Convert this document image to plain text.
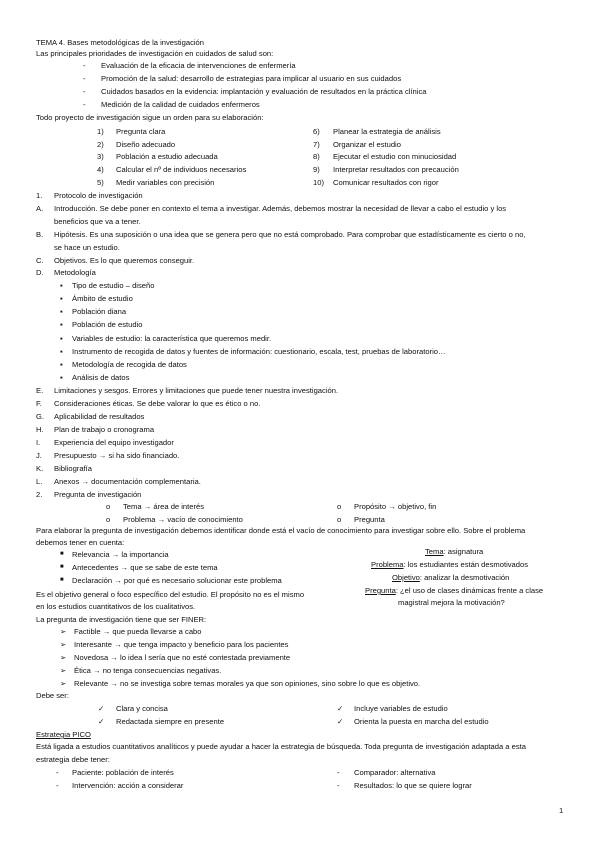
TEMA 4. Bases metodológicas de la investigación
Las principales prioridades de investigación en cuidados de salud son:
- Evaluación de la eficacia de intervenciones de enfermería
- Promoción de la salud: desarrollo de estrategias para implicar al usuario en sus cuidados
- Cuidados basados en la evidencia: implantación y evaluación de resultados en la práctica clínica
- Medición de la calidad de cuidados enfermeros
Todo proyecto de investigación sigue un orden para su elaboración:
1) Pregunta clara
2) Diseño adecuado
3) Población a estudio adecuada
4) Calcular el nº de individuos necesarios
5) Medir variables con precisión
6) Planear la estrategia de análisis
7) Organizar el estudio
8) Ejecutar el estudio con minuciosidad
9) Interpretar resultados con precaución
10) Comunicar resultados con rigor
1. Protocolo de investigación
A. Introducción. Se debe poner en contexto el tema a investigar. Además, debemos mostrar la necesidad de llevar a cabo el estudio y los
beneficios que va a tener.
B. Hipótesis. Es una suposición o una idea que se genera pero que no está comprobado. Para comprobar que estadísticamente es cierto o no,
se hace un estudio.
C. Objetivos. Es lo que queremos conseguir.
D. Metodología
▪ Tipo de estudio – diseño
▪ Ámbito de estudio
▪ Población diana
▪ Población de estudio
▪ Variables de estudio: la característica que queremos medir.
▪ Instrumento de recogida de datos y fuentes de información: cuestionario, escala, test, pruebas de laboratorio…
▪ Metodología de recogida de datos
▪ Análisis de datos
E. Limitaciones y sesgos. Errores y limitaciones que puede tener nuestra investigación.
F. Consideraciones éticas. Se debe valorar lo que es ético o no.
G. Aplicabilidad de resultados
H. Plan de trabajo o cronograma
I. Experiencia del equipo investigador
J. Presupuesto → si ha sido financiado.
K. Bibliografía
L. Anexos → documentación complementaria.
2. Pregunta de investigación
o Tema → área de interés	o Propósito → objetivo, fin
o Problema → vacío de conocimiento	o Pregunta
Para elaborar la pregunta de investigación debemos identificar donde está el vacío de conocimiento para investigar sobre ello. Sobre el problema
debemos tener en cuenta:
■ Relevancia → la importancia
■ Antecedentes → que se sabe de este tema
■ Declaración → por qué es necesario solucionar este problema
Tema: asignatura
Problema: los estudiantes están desmotivados
Objetivo: analizar la desmotivación
Pregunta: ¿el uso de clases dinámicas frente a clase
magistral mejora la motivación?
Es el objetivo general o foco específico del estudio. El propósito no es el mismo
en los estudios cuantitativos de los cualitativos.
La pregunta de investigación tiene que ser FINER:
➢ Factible → que pueda llevarse a cabo
➢ Interesante → que tenga impacto y beneficio para los pacientes
➢ Novedosa → lo idea l sería que no esté contestada previamente
➢ Ética → no tenga consecuencias negativas.
➢ Relevante → no se investiga sobre temas morales ya que son opiniones, sino sobre lo que es objetivo.
Debe ser:
✓ Clara y concisa	✓ Incluye variables de estudio
✓ Redactada siempre en presente	✓ Orienta la puesta en marcha del estudio
Estrategia PICO
Está ligada a estudios cuantitativos analíticos y puede ayudar a hacer la estrategia de búsqueda. Toda pregunta de investigación adaptada a esta
estrategia debe tener:
- Paciente: población de interés	- Comparador: alternativa
- Intervención: acción a considerar	- Resultados: lo que se quiere lograr
1
